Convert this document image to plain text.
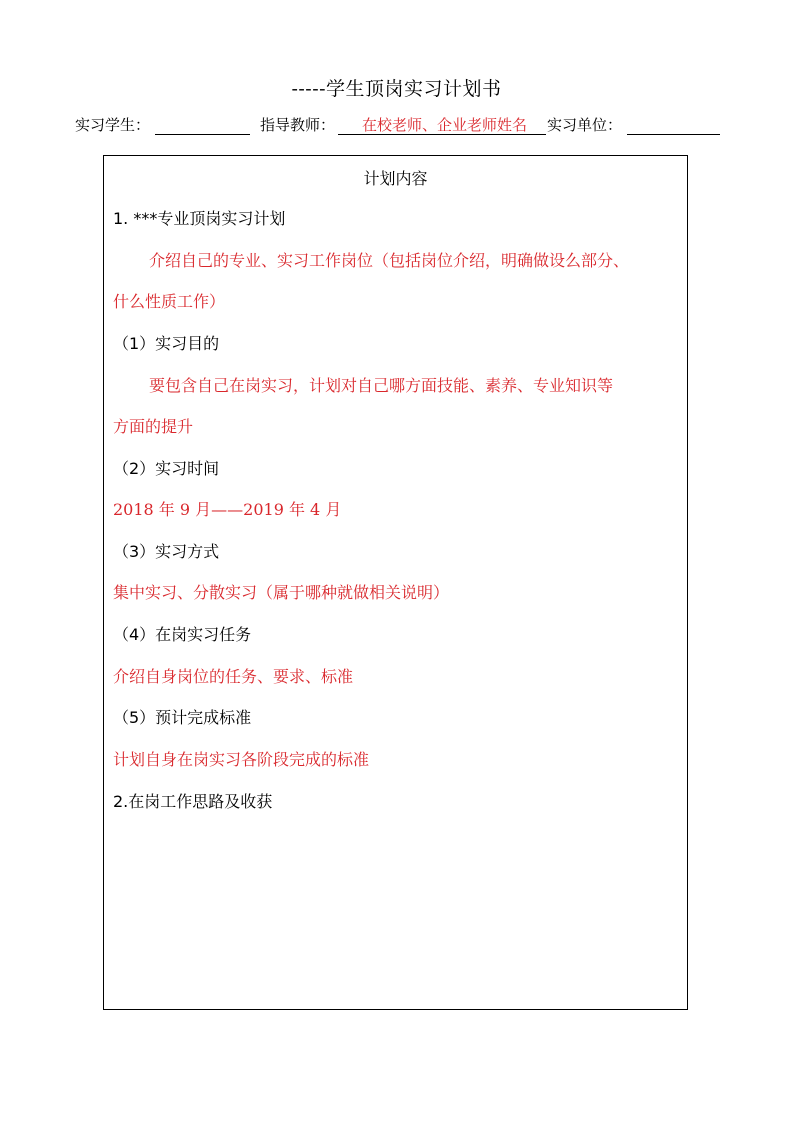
-----学生顶岗实习计划书
实习学生：	指导教师： 在校老师、企业老师姓名 实习单位：
计划内容
1. ***专业顶岗实习计划
介绍自己的专业、实习工作岗位（包括岗位介绍，明确做设么部分、
什么性质工作）
（1）实习目的
要包含自己在岗实习，计划对自己哪方面技能、素养、专业知识等
方面的提升
（2）实习时间
2018 年 9 月——2019 年 4 月
（3）实习方式
集中实习、分散实习（属于哪种就做相关说明）
（4）在岗实习任务
介绍自身岗位的任务、要求、标准
（5）预计完成标准
计划自身在岗实习各阶段完成的标准
2.在岗工作思路及收获
